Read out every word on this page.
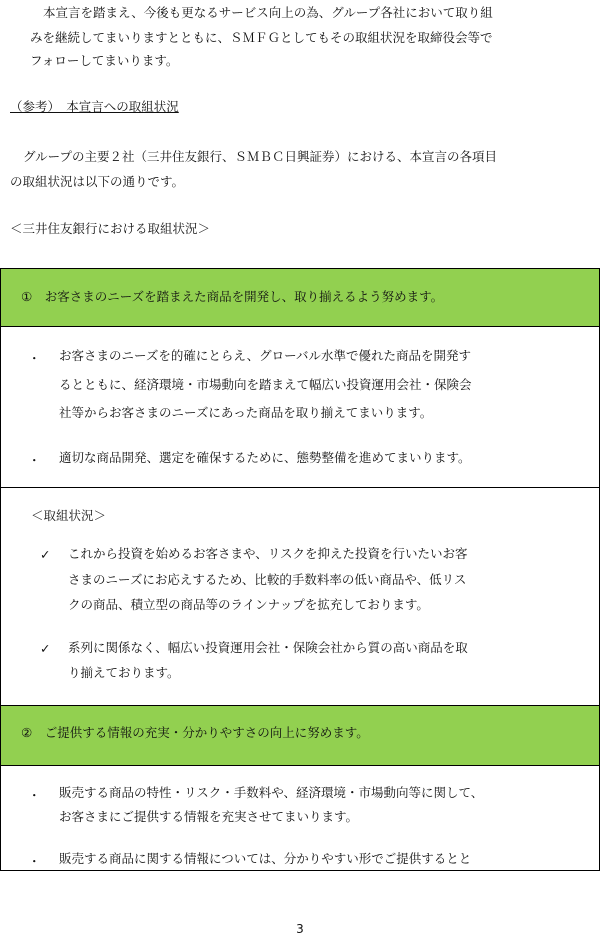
本宣言を踏まえ、今後も更なるサービス向上の為、グループ各社において取り組
みを継続してまいりますとともに、ＳＭＦＧとしてもその取組状況を取締役会等で
フォローしてまいります。
（参考）　本宣言への取組状況
グループの主要２社（三井住友銀行、ＳＭＢＣ日興証券）における、本宣言の各項目
の取組状況は以下の通りです。
＜三井住友銀行における取組状況＞
①　お客さまのニーズを踏まえた商品を開発し、取り揃えるよう努めます。
・ お客さまのニーズを的確にとらえ、グローバル水準で優れた商品を開発す
るとともに、経済環境・市場動向を踏まえて幅広い投資運用会社・保険会
社等からお客さまのニーズにあった商品を取り揃えてまいります。
・ 適切な商品開発、選定を確保するために、態勢整備を進めてまいります。
＜取組状況＞
✓ これから投資を始めるお客さまや、リスクを抑えた投資を行いたいお客
さまのニーズにお応えするため、比較的手数料率の低い商品や、低リス
クの商品、積立型の商品等のラインナップを拡充しております。
✓ 系列に関係なく、幅広い投資運用会社・保険会社から質の高い商品を取
り揃えております。
②　ご提供する情報の充実・分かりやすさの向上に努めます。
・ 販売する商品の特性・リスク・手数料や、経済環境・市場動向等に関して、
お客さまにご提供する情報を充実させてまいります。
・ 販売する商品に関する情報については、分かりやすい形でご提供するとと
3
